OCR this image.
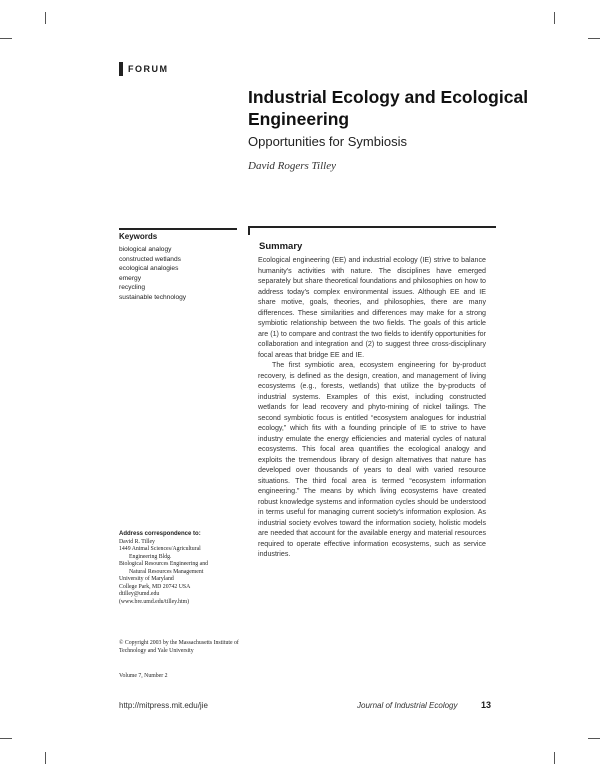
FORUM
Industrial Ecology and Ecological Engineering
Opportunities for Symbiosis
David Rogers Tilley
Keywords
biological analogy
constructed wetlands
ecological analogies
emergy
recycling
sustainable technology
Summary

Ecological engineering (EE) and industrial ecology (IE) strive to balance humanity's activities with nature. The disciplines have emerged separately but share theoretical foundations and philosophies on how to address today's complex environmental issues. Although EE and IE share motive, goals, theories, and philosophies, there are many differences. These similarities and differences may make for a strong symbiotic relationship between the two fields. The goals of this article are (1) to compare and contrast the two fields to identify opportunities for collaboration and integration and (2) to suggest three cross-disciplinary focal areas that bridge EE and IE.

The first symbiotic area, ecosystem engineering for by-product recovery, is defined as the design, creation, and management of living ecosystems (e.g., forests, wetlands) that utilize the by-products of industrial systems. Examples of this exist, including constructed wetlands for lead recovery and phyto-mining of nickel tailings. The second symbiotic focus is entitled “ecosystem analogues for industrial ecology,” which fits with a founding principle of IE to strive to have industry emulate the energy efficiencies and material cycles of natural ecosystems. This focal area quantifies the ecological analogy and exploits the tremendous library of design alternatives that nature has developed over thousands of years to deal with varied resource situations. The third focal area is termed “ecosystem information engineering.” The means by which living ecosystems have created robust knowledge systems and information cycles should be understood in terms useful for managing current society's information explosion. As industrial society evolves toward the information society, holistic models are needed that account for the available energy and material resources required to operate effective information ecosystems, such as service industries.

Address correspondence to:
David R. Tilley
1449 Animal Sciences/Agricultural
Engineering Bldg.
Biological Resources Engineering and
Natural Resources Management
University of Maryland
College Park, MD 20742 USA
dtilley@umd.edu
(www.bre.umd.edu/tilley.htm)
© Copyright 2003 by the Massachusetts Institute of Technology and Yale University
Volume 7, Number 2
http://mitpress.mit.edu/jie	Journal of Industrial Ecology	13
